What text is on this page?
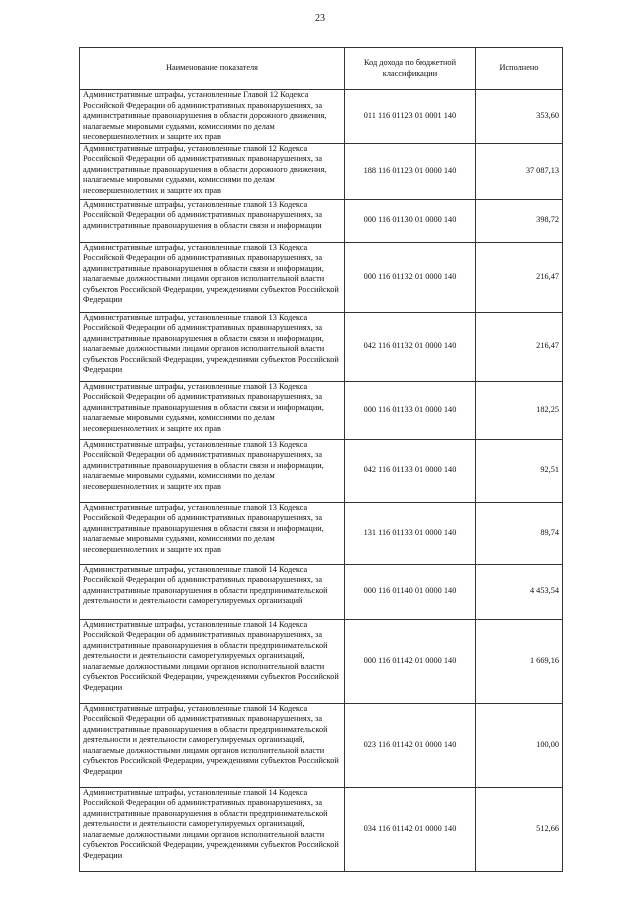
23
Наименование показателя	Код дохода по бюджетной классификации	Исполнено
Административные штрафы, установленные Главой 12 Кодекса Российской Федерации об административных правонарушениях, за административные правонарушения в области дорожного движения, налагаемые мировыми судьями, комиссиями по делам несовершеннолетних и защите их прав	011 116 01123 01 0001 140	353,60
Административные штрафы, установленные главой 12 Кодекса Российской Федерации об административных правонарушениях, за административные правонарушения в области дорожного движения, налагаемые мировыми судьями, комиссиями по делам несовершеннолетних и защите их прав	188 116 01123 01 0000 140	37 087,13
Административные штрафы, установленные главой 13 Кодекса Российской Федерации об административных правонарушениях, за административные правонарушения в области связи и информации	000 116 01130 01 0000 140	398,72
Административные штрафы, установленные главой 13 Кодекса Российской Федерации об административных правонарушениях, за административные правонарушения в области связи и информации, налагаемые должностными лицами органов исполнительной власти субъектов Российской Федерации, учреждениями субъектов Российской Федерации	000 116 01132 01 0000 140	216,47
Административные штрафы, установленные главой 13 Кодекса Российской Федерации об административных правонарушениях, за административные правонарушения в области связи и информации, налагаемые должностными лицами органов исполнительной власти субъектов Российской Федерации, учреждениями субъектов Российской Федерации	042 116 01132 01 0000 140	216,47
Административные штрафы, установленные главой 13 Кодекса Российской Федерации об административных правонарушениях, за административные правонарушения в области связи и информации, налагаемые мировыми судьями, комиссиями по делам несовершеннолетних и защите их прав	000 116 01133 01 0000 140	182,25
Административные штрафы, установленные главой 13 Кодекса Российской Федерации об административных правонарушениях, за административные правонарушения в области связи и информации, налагаемые мировыми судьями, комиссиями по делам несовершеннолетних и защите их прав	042 116 01133 01 0000 140	92,51
Административные штрафы, установленные главой 13 Кодекса Российской Федерации об административных правонарушениях, за административные правонарушения в области связи и информации, налагаемые мировыми судьями, комиссиями по делам несовершеннолетних и защите их прав	131 116 01133 01 0000 140	89,74
Административные штрафы, установленные главой 14 Кодекса Российской Федерации об административных правонарушениях, за административные правонарушения в области предпринимательской деятельности и деятельности саморегулируемых организаций	000 116 01140 01 0000 140	4 453,54
Административные штрафы, установленные главой 14 Кодекса Российской Федерации об административных правонарушениях, за административные правонарушения в области предпринимательской деятельности и деятельности саморегулируемых организаций, налагаемые должностными лицами органов исполнительной власти субъектов Российской Федерации, учреждениями субъектов Российской Федерации	000 116 01142 01 0000 140	1 669,16
Административные штрафы, установленные главой 14 Кодекса Российской Федерации об административных правонарушениях, за административные правонарушения в области предпринимательской деятельности и деятельности саморегулируемых организаций, налагаемые должностными лицами органов исполнительной власти субъектов Российской Федерации, учреждениями субъектов Российской Федерации	023 116 01142 01 0000 140	100,00
Административные штрафы, установленные главой 14 Кодекса Российской Федерации об административных правонарушениях, за административные правонарушения в области предпринимательской деятельности и деятельности саморегулируемых организаций, налагаемые должностными лицами органов исполнительной власти субъектов Российской Федерации, учреждениями субъектов Российской Федерации	034 116 01142 01 0000 140	512,66
